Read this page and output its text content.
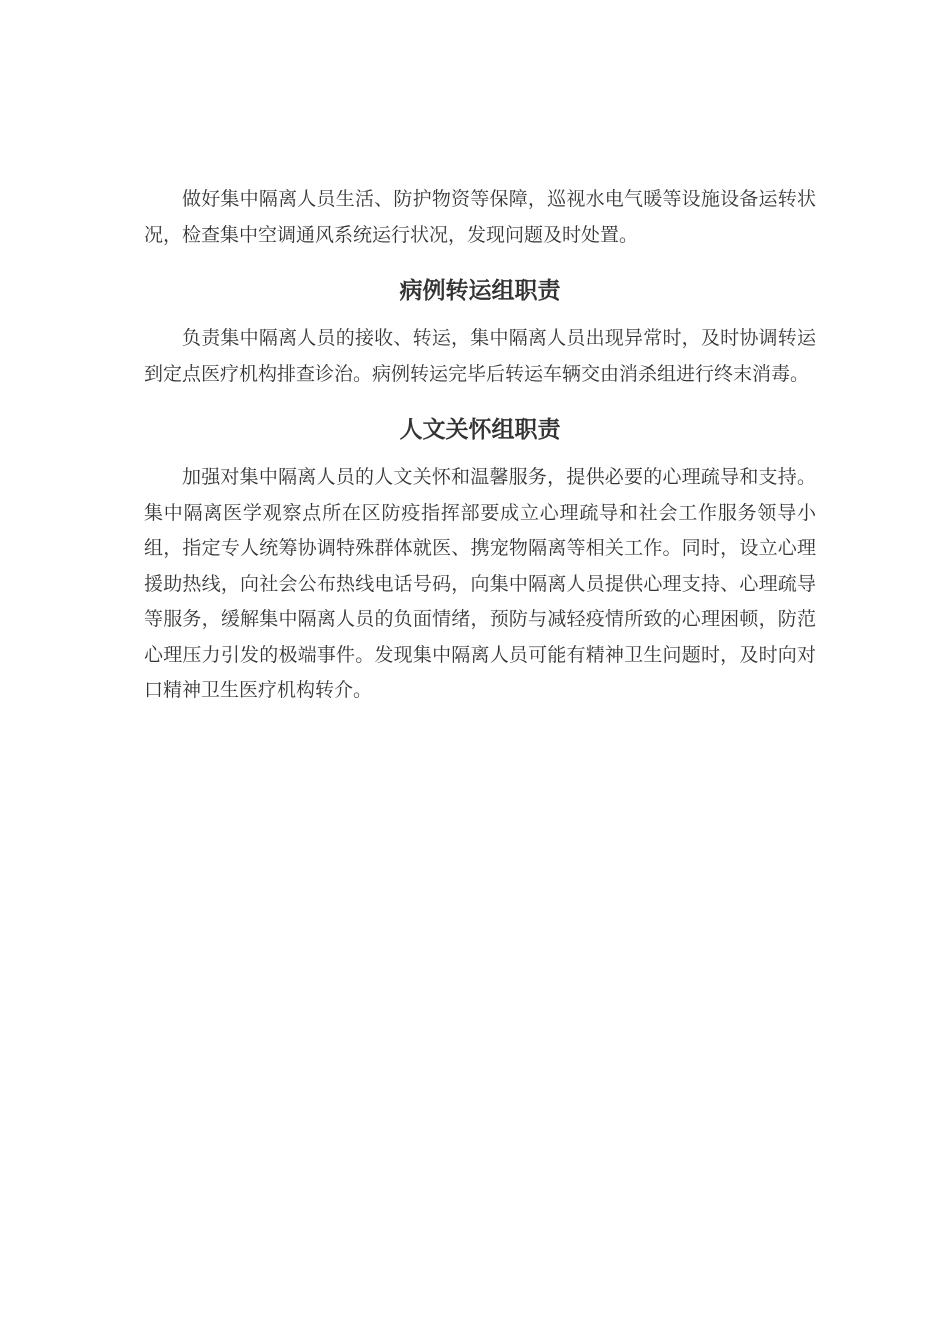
做好集中隔离人员生活、防护物资等保障，巡视水电气暖等设施设备运转状况，检查集中空调通风系统运行状况，发现问题及时处置。

病例转运组职责

负责集中隔离人员的接收、转运，集中隔离人员出现异常时，及时协调转运到定点医疗机构排查诊治。病例转运完毕后转运车辆交由消杀组进行终末消毒。

人文关怀组职责

加强对集中隔离人员的人文关怀和温馨服务，提供必要的心理疏导和支持。集中隔离医学观察点所在区防疫指挥部要成立心理疏导和社会工作服务领导小组，指定专人统筹协调特殊群体就医、携宠物隔离等相关工作。同时，设立心理援助热线，向社会公布热线电话号码，向集中隔离人员提供心理支持、心理疏导等服务，缓解集中隔离人员的负面情绪，预防与减轻疫情所致的心理困顿，防范心理压力引发的极端事件。发现集中隔离人员可能有精神卫生问题时，及时向对口精神卫生医疗机构转介。
